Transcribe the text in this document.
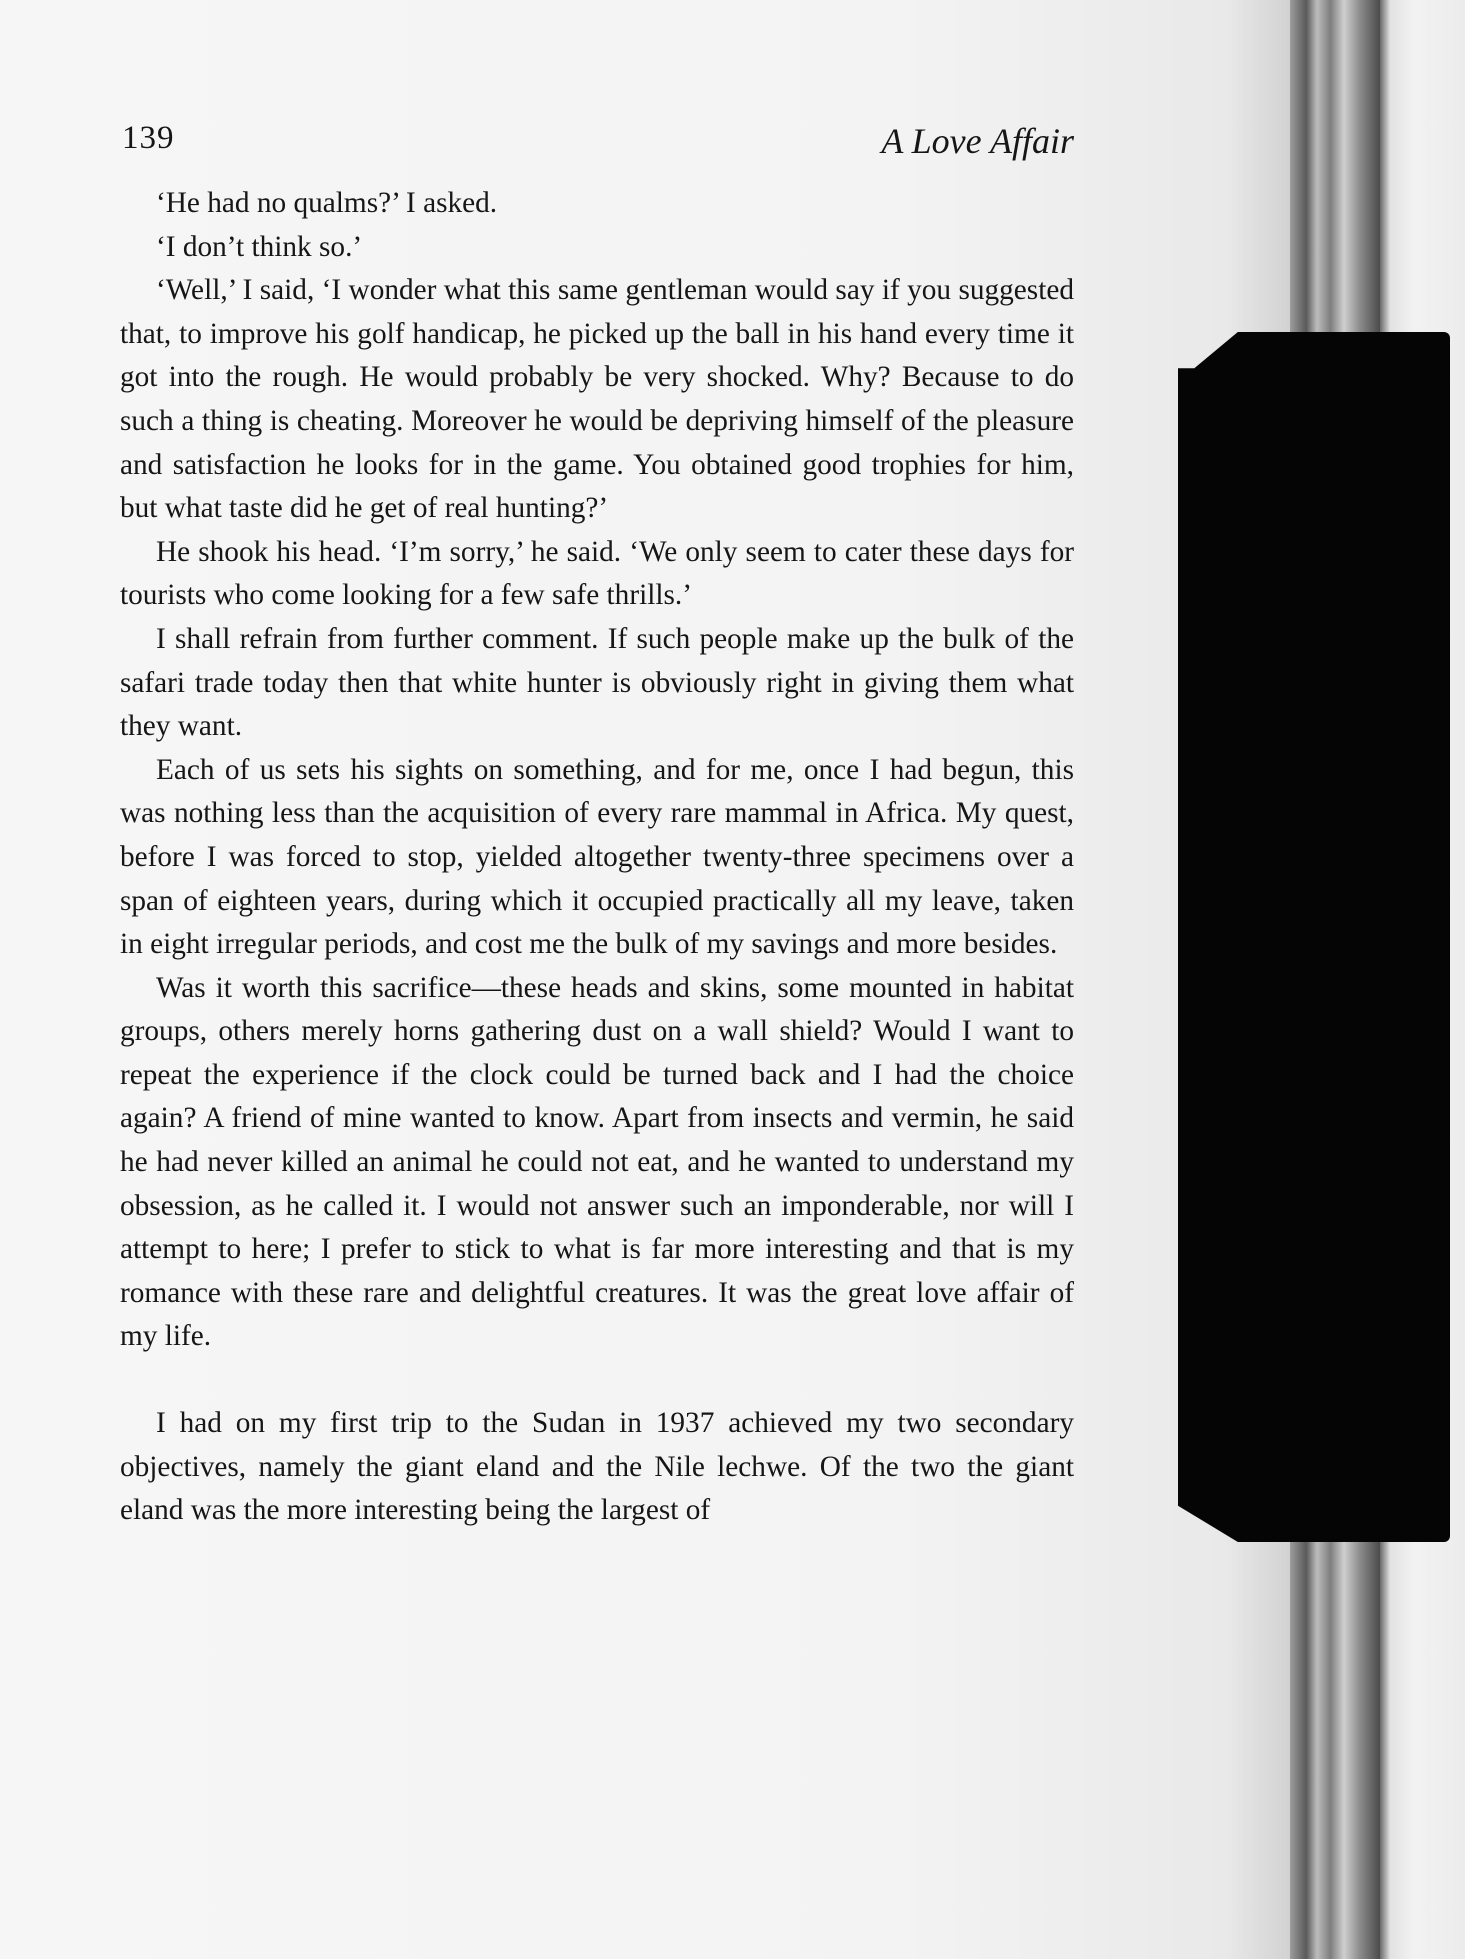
139	A Love Affair

‘He had no qualms?’ I asked.

‘I don’t think so.’

‘Well,’ I said, ‘I wonder what this same gentleman would say if you suggested that, to improve his golf handicap, he picked up the ball in his hand every time it got into the rough. He would probably be very shocked. Why? Because to do such a thing is cheating. Moreover he would be depriving himself of the pleasure and satisfaction he looks for in the game. You obtained good trophies for him, but what taste did he get of real hunting?’

He shook his head. ‘I’m sorry,’ he said. ‘We only seem to cater these days for tourists who come looking for a few safe thrills.’

I shall refrain from further comment. If such people make up the bulk of the safari trade today then that white hunter is obviously right in giving them what they want.

Each of us sets his sights on something, and for me, once I had begun, this was nothing less than the acquisition of every rare mammal in Africa. My quest, before I was forced to stop, yielded altogether twenty-three specimens over a span of eighteen years, during which it occupied practically all my leave, taken in eight irregular periods, and cost me the bulk of my savings and more besides.

Was it worth this sacrifice—these heads and skins, some mounted in habitat groups, others merely horns gathering dust on a wall shield? Would I want to repeat the experience if the clock could be turned back and I had the choice again? A friend of mine wanted to know. Apart from insects and vermin, he said he had never killed an animal he could not eat, and he wanted to understand my obsession, as he called it. I would not answer such an imponderable, nor will I attempt to here; I prefer to stick to what is far more interesting and that is my romance with these rare and delightful creatures. It was the great love affair of my life.

I had on my first trip to the Sudan in 1937 achieved my two secondary objectives, namely the giant eland and the Nile lechwe. Of the two the giant eland was the more interesting being the largest of
